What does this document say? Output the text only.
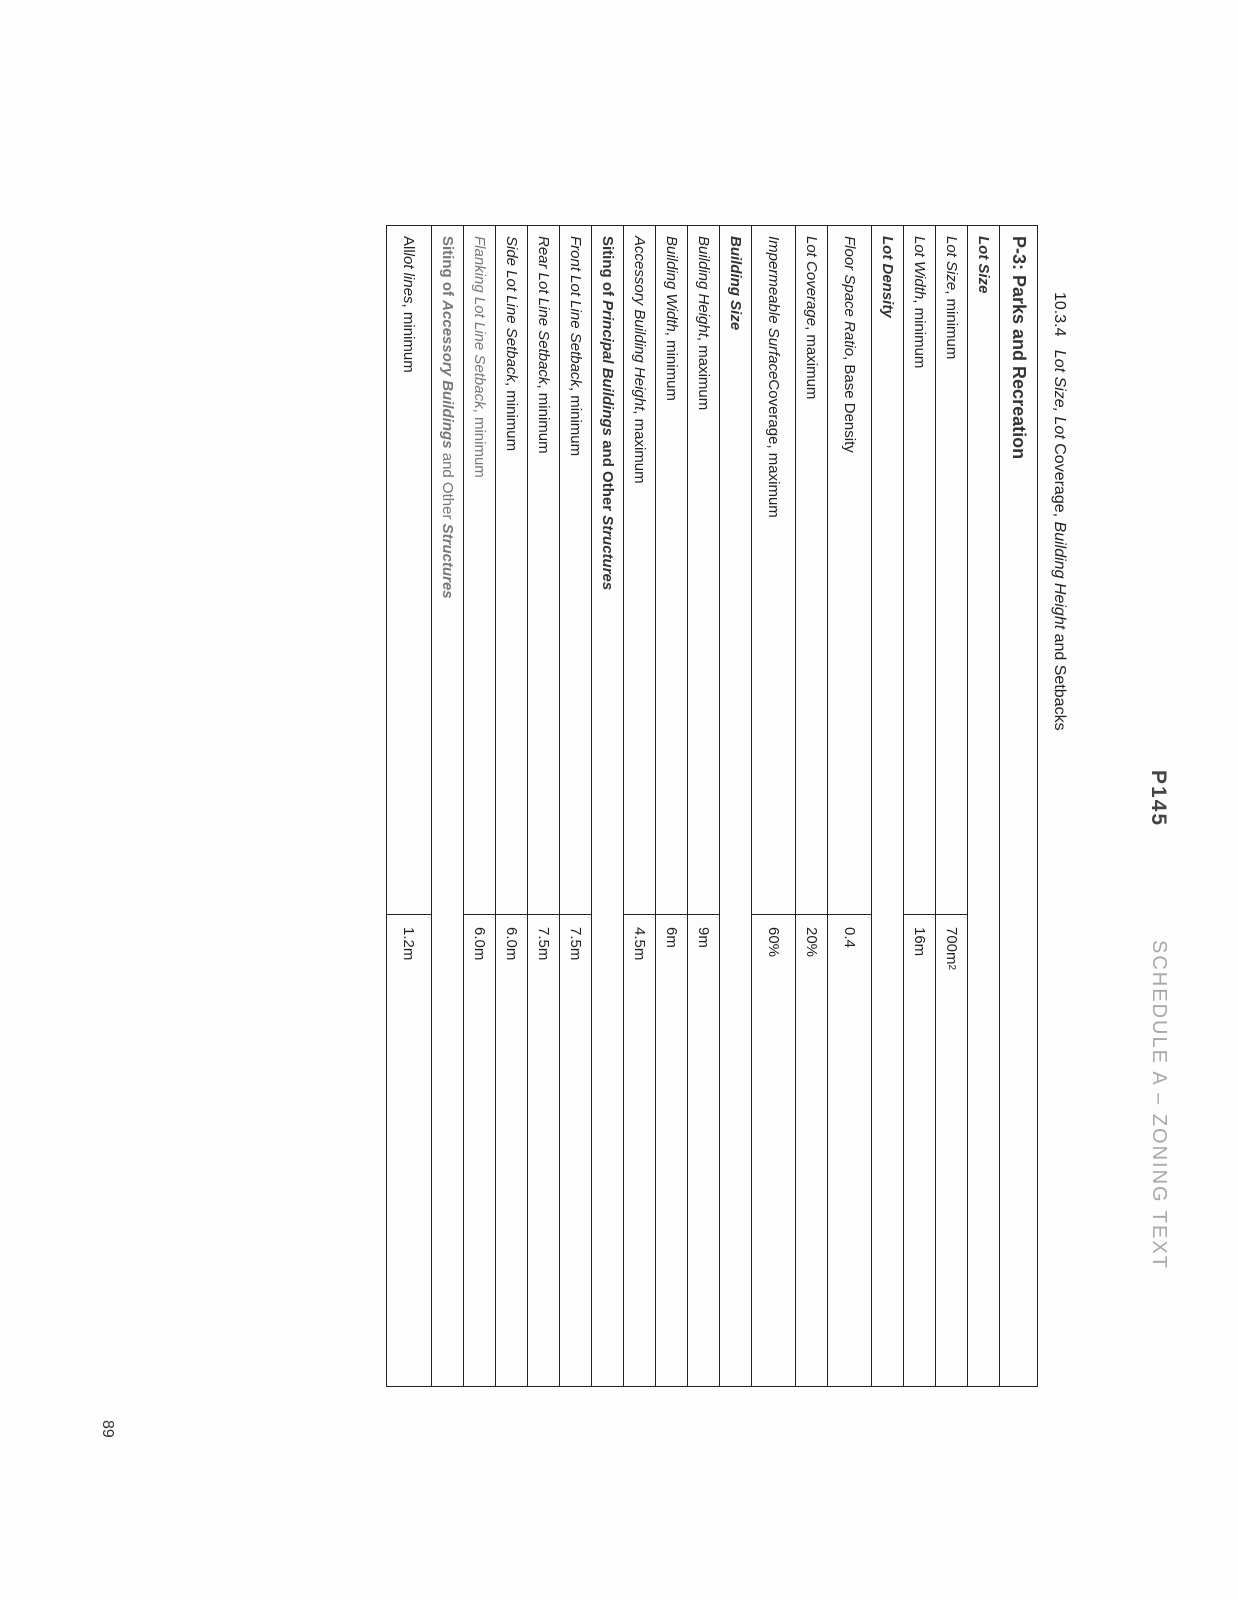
P145
SCHEDULE A – ZONING TEXT
10.3.4   Lot Size, Lot Coverage, Building Height and Setbacks
P-3: Parks and Recreation
Lot Size
Lot Size
, minimum
700m
2
Lot Width
, minimum
16m
Lot Density
Floor Space Ratio
, Base Density
0.4
Lot Coverage
, maximum
20%
Impermeable Surface
Coverage, maximum
60%
Building Size
Building Height
, maximum
9m
Building Width
, minimum
6m
Accessory Building Height
, maximum
4.5m
Siting of Principal Buildings and Other Structures
Front Lot Line Setback
, minimum
7.5m
Rear Lot Line Setback
, minimum
7.5m
Side Lot Line Setback
, minimum
6.0m
Flanking Lot Line Setback
, minimum
6.0m
Siting of Accessory Buildings and Other Structures
All
lot lines
, minimum
1.2m
89
